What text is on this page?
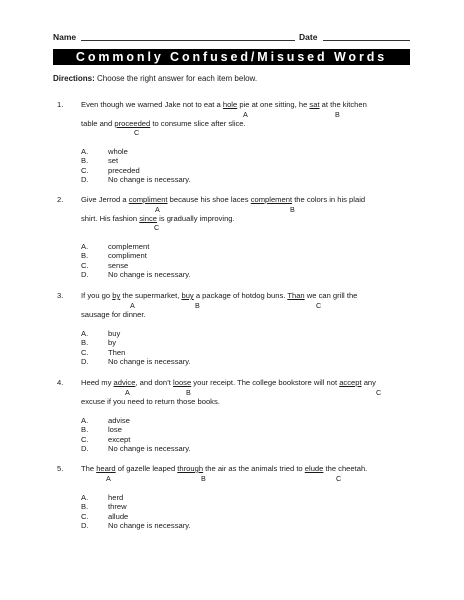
Name	Date
Commonly Confused/Misused Words
Directions: Choose the right answer for each item below.
1. Even though we warned Jake not to eat a hole pie at one sitting, he sat at the kitchen
A	B
table and proceeded to consume slice after slice.
C
A.	whole
B.	set
C.	preceded
D.	No change is necessary.
2. Give Jerrod a compliment because his shoe laces complement the colors in his plaid
A	B
shirt. His fashion since is gradually improving.
C
A.	complement
B.	compliment
C.	sense
D.	No change is necessary.
3. If you go by the supermarket, buy a package of hotdog buns. Than we can grill the
A	B	C
sausage for dinner.
A.	buy
B.	by
C.	Then
D.	No change is necessary.
4. Heed my advice, and don’t loose your receipt. The college bookstore will not accept any
A	B	C
excuse if you need to return those books.
A.	advise
B.	lose
C.	except
D.	No change is necessary.
5. The heard of gazelle leaped through the air as the animals tried to elude the cheetah.
A	B	C
A.	herd
B.	threw
C.	allude
D.	No change is necessary.
